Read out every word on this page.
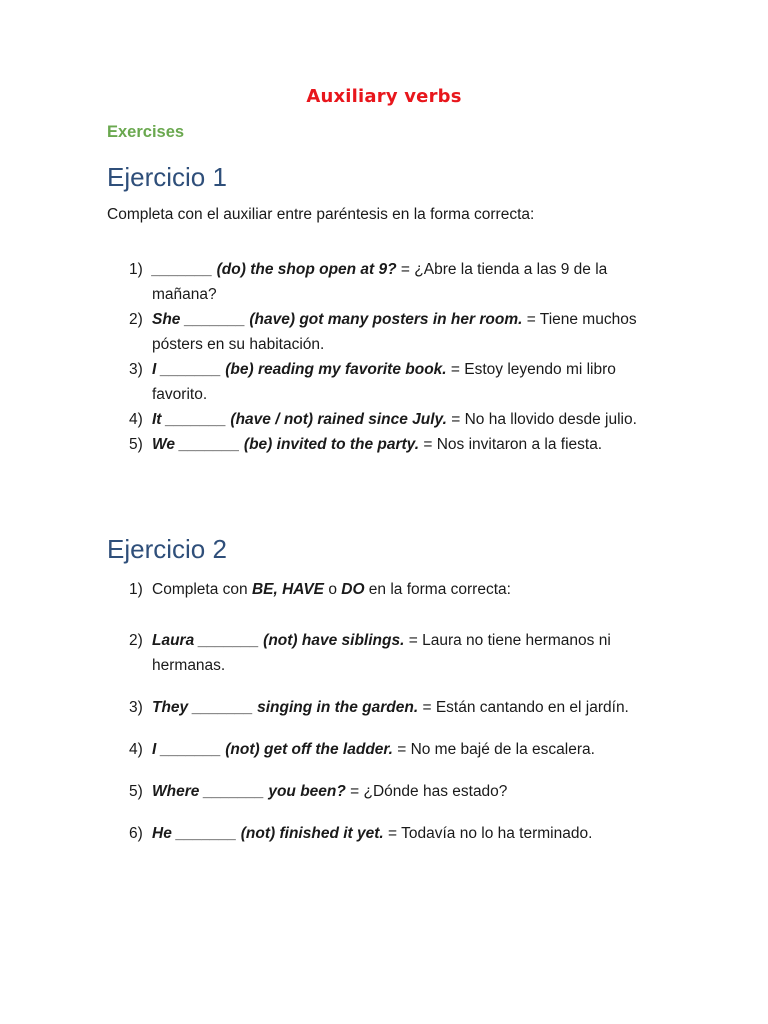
Auxiliary verbs
Exercises
Ejercicio 1
Completa con el auxiliar entre paréntesis en la forma correcta:
1) _______ (do) the shop open at 9? = ¿Abre la tienda a las 9 de la mañana?
2) She _______ (have) got many posters in her room. = Tiene muchos pósters en su habitación.
3) I _______ (be) reading my favorite book. = Estoy leyendo mi libro favorito.
4) It _______ (have / not) rained since July. = No ha llovido desde julio.
5) We _______ (be) invited to the party. = Nos invitaron a la fiesta.
Ejercicio 2
1) Completa con BE, HAVE o DO en la forma correcta:
2) Laura _______ (not) have siblings. = Laura no tiene hermanos ni hermanas.
3) They _______ singing in the garden. = Están cantando en el jardín.
4) I _______ (not) get off the ladder. = No me bajé de la escalera.
5) Where _______ you been? = ¿Dónde has estado?
6) He _______ (not) finished it yet. = Todavía no lo ha terminado.
